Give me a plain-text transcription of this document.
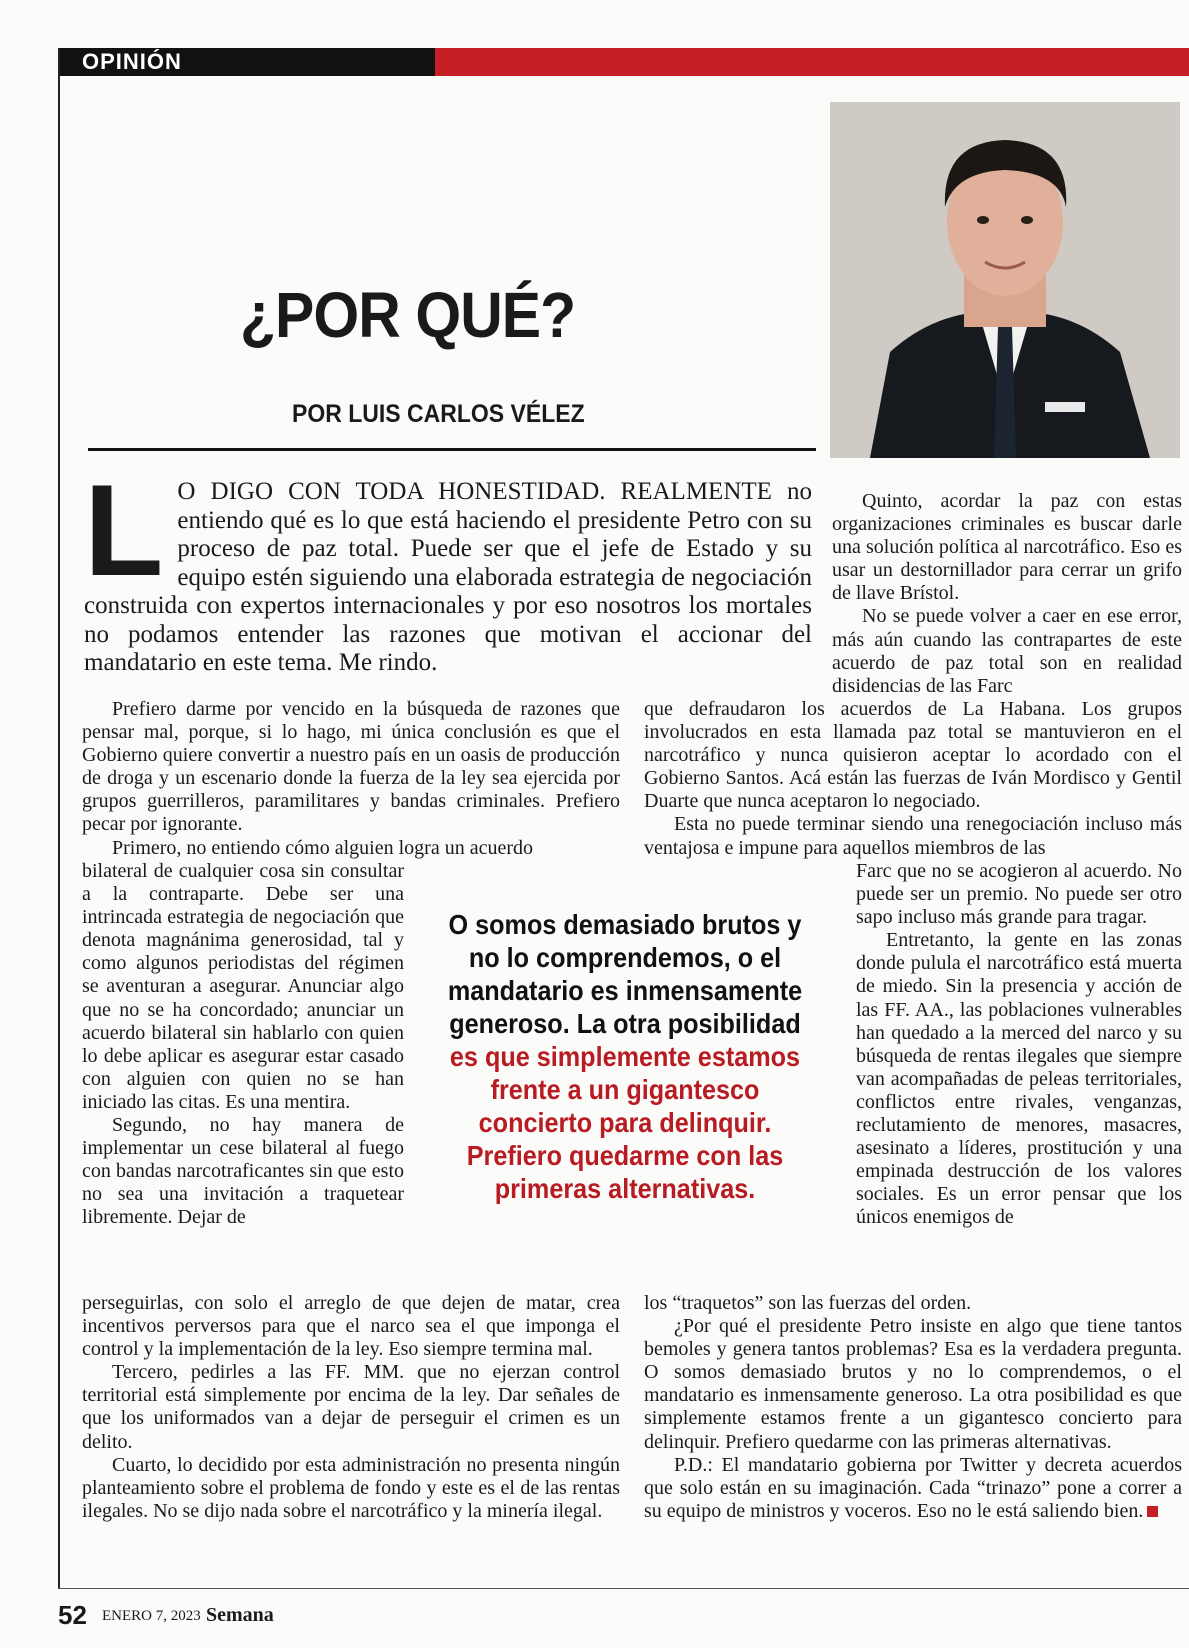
OPINIÓN
¿POR QUÉ?
POR LUIS CARLOS VÉLEZ
L O DIGO CON TODA HONESTIDAD. REALMENTE no entiendo qué es lo que está haciendo el presidente Petro con su proceso de paz total. Puede ser que el jefe de Estado y su equipo estén siguiendo una elaborada estrategia de negociación construida con expertos internacionales y por eso nosotros los mortales no podamos entender las razones que motivan el accionar del mandatario en este tema. Me rindo.

Prefiero darme por vencido en la búsqueda de razones que pensar mal, porque, si lo hago, mi única conclusión es que el Gobierno quiere convertir a nuestro país en un oasis de producción de droga y un escenario donde la fuerza de la ley sea ejercida por grupos guerrilleros, paramilitares y bandas criminales. Prefiero pecar por ignorante.

Primero, no entiendo cómo alguien logra un acuerdo

bilateral de cualquier cosa sin consultar a la contraparte. Debe ser una intrincada estrategia de negociación que denota magnánima generosidad, tal y como algunos periodistas del régimen se aventuran a asegurar. Anunciar algo que no se ha concordado; anunciar un acuerdo bilateral sin hablarlo con quien lo debe aplicar es asegurar estar casado con alguien con quien no se han iniciado las citas. Es una mentira.

Segundo, no hay manera de implementar un cese bilateral al fuego con bandas narcotraficantes sin que esto no sea una invitación a traquetear libremente. Dejar de

perseguirlas, con solo el arreglo de que dejen de matar, crea incentivos perversos para que el narco sea el que imponga el control y la implementación de la ley. Eso siempre termina mal.

Tercero, pedirles a las FF. MM. que no ejerzan control territorial está simplemente por encima de la ley. Dar señales de que los uniformados van a dejar de perseguir el crimen es un delito.

Cuarto, lo decidido por esta administración no presenta ningún planteamiento sobre el problema de fondo y este es el de las rentas ilegales. No se dijo nada sobre el narcotráfico y la minería ilegal.

Quinto, acordar la paz con estas organizaciones criminales es buscar darle una solución política al narcotráfico. Eso es usar un destornillador para cerrar un grifo de llave Brístol.

No se puede volver a caer en ese error, más aún cuando las contrapartes de este acuerdo de paz total son en realidad disidencias de las Farc

que defraudaron los acuerdos de La Habana. Los grupos involucrados en esta llamada paz total se mantuvieron en el narcotráfico y nunca quisieron aceptar lo acordado con el Gobierno Santos. Acá están las fuerzas de Iván Mordisco y Gentil Duarte que nunca aceptaron lo negociado.

Esta no puede terminar siendo una renegociación incluso más ventajosa e impune para aquellos miembros de las

Farc que no se acogieron al acuerdo. No puede ser un premio. No puede ser otro sapo incluso más grande para tragar.

Entretanto, la gente en las zonas donde pulula el narcotráfico está muerta de miedo. Sin la presencia y acción de las FF. AA., las poblaciones vulnerables han quedado a la merced del narco y su búsqueda de rentas ilegales que siempre van acompañadas de peleas territoriales, conflictos entre rivales, venganzas, reclutamiento de menores, masacres, asesinato a líderes, prostitución y una empinada destrucción de los valores sociales. Es un error pensar que los únicos enemigos de

los “traquetos” son las fuerzas del orden.

¿Por qué el presidente Petro insiste en algo que tiene tantos bemoles y genera tantos problemas? Esa es la verdadera pregunta. O somos demasiado brutos y no lo comprendemos, o el mandatario es inmensamente generoso. La otra posibilidad es que simplemente estamos frente a un gigantesco concierto para delinquir. Prefiero quedarme con las primeras alternativas.

P.D.: El mandatario gobierna por Twitter y decreta acuerdos que solo están en su imaginación. Cada “trinazo” pone a correr a su equipo de ministros y voceros. Eso no le está saliendo bien.

O somos demasiado brutos y no lo comprendemos, o el mandatario es inmensamente generoso. La otra posibilidad es que simplemente estamos frente a un gigantesco concierto para delinquir. Prefiero quedarme con las primeras alternativas.
52 ENERO 7, 2023 Semana
